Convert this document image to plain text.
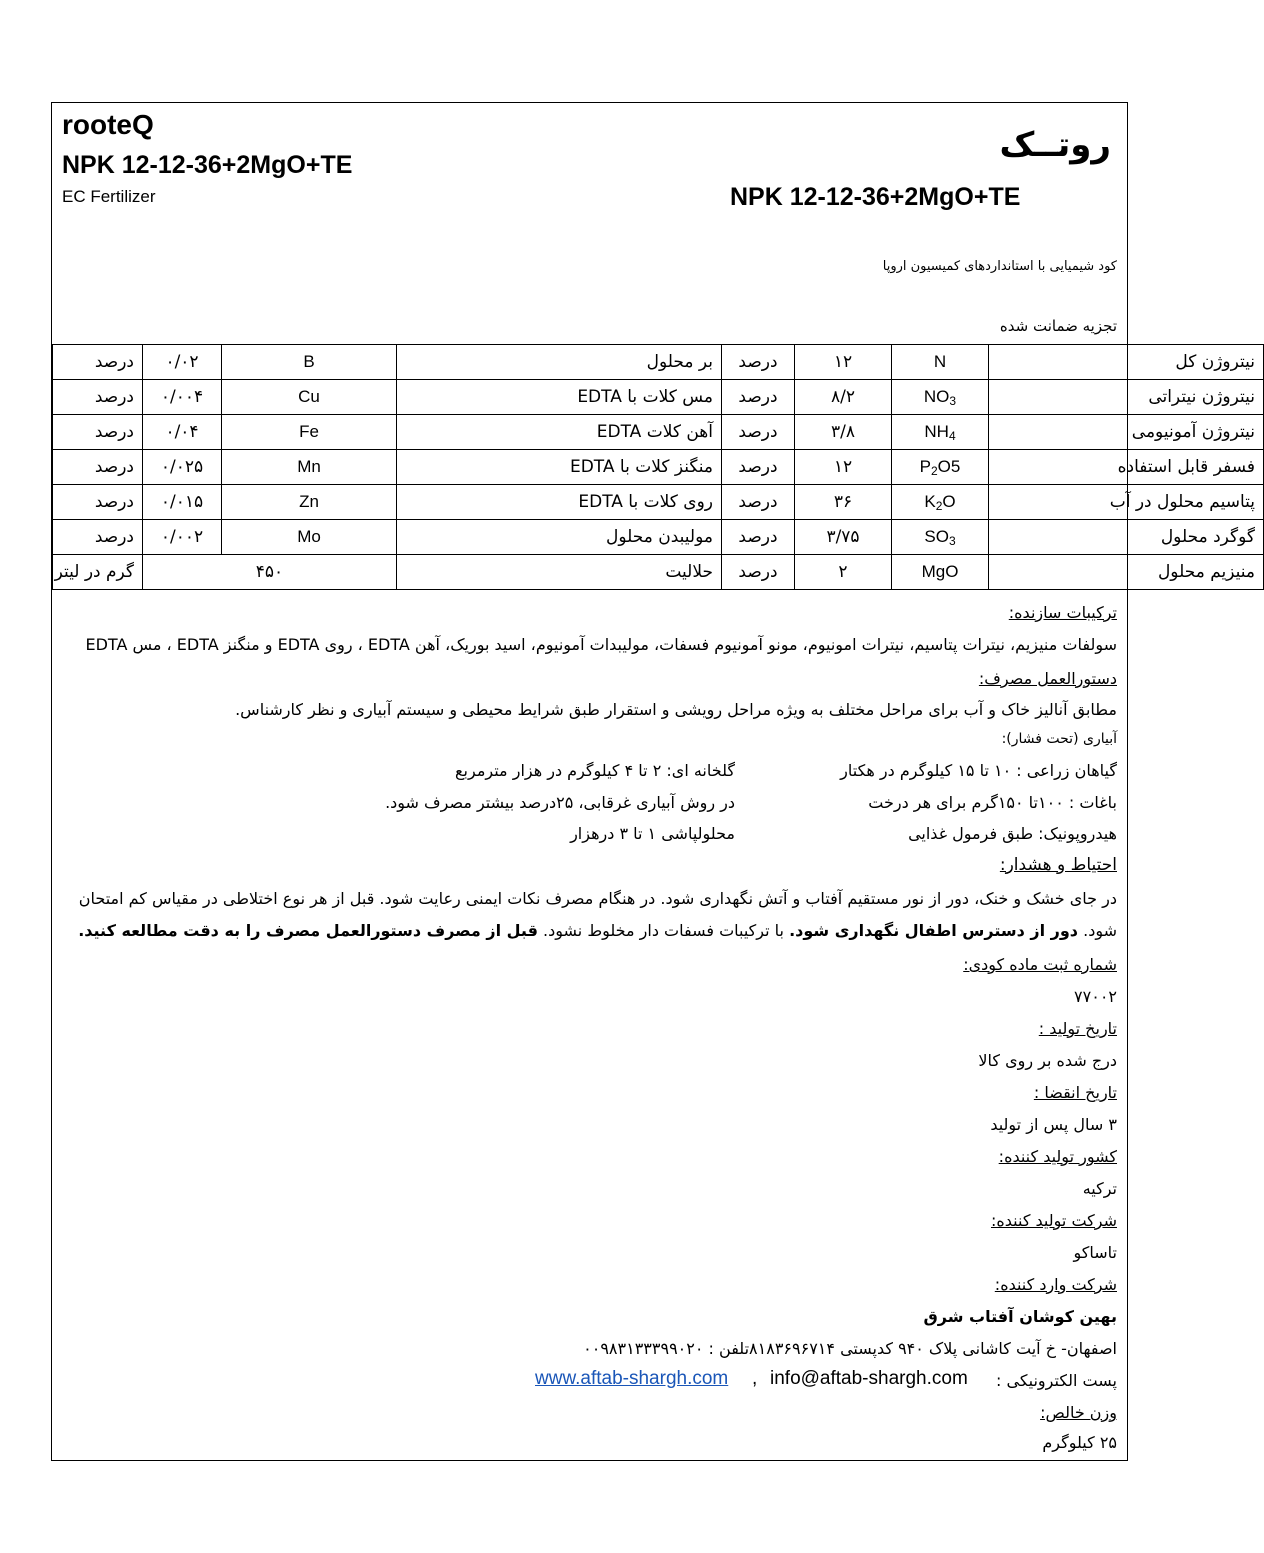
rooteQ
NPK 12-12-36+2MgO+TE
EC Fertilizer
روتــک
NPK 12-12-36+2MgO+TE
کود شیمیایی با استاندارد‌های کمیسیون اروپا
تجزیه ضمانت شده
نیتروژن کل	N	۱۲	درصد	بر محلول	B	۰/۰۲	درصد
نیتروژن نیتراتی	$NO_3$	۸/۲	درصد	مس کلات با EDTA	Cu	۰/۰۰۴	درصد
نیتروژن آمونیومی	$NH_4$	۳/۸	درصد	آهن کلات EDTA	Fe	۰/۰۴	درصد
فسفر قابل استفاده	$P_2O5$	۱۲	درصد	منگنز کلات با EDTA	Mn	۰/۰۲۵	درصد
پتاسیم محلول در آب	$K_2O$	۳۶	درصد	روی کلات با EDTA	Zn	۰/۰۱۵	درصد
گوگرد محلول	$SO_3$	۳/۷۵	درصد	مولیبدن محلول	Mo	۰/۰۰۲	درصد
منیزیم محلول	MgO	۲	درصد	حلالیت	۴۵۰		گرم در لیتر
ترکیبات سازنده:
سولفات منیزیم، نیترات پتاسیم، نیترات امونیوم، مونو آمونیوم فسفات، مولیبدات آمونیوم، اسید بوریک، آهن EDTA ، روی EDTA و منگنز EDTA ، مس EDTA
دستورالعمل مصرف:
مطابق آنالیز خاک و آب برای مراحل مختلف به ویژه مراحل رویشی و استقرار طبق شرایط محیطی و سیستم آبیاری و نظر کارشناس.
آبیاری (تحت فشار):
گیاهان زراعی : ۱۰ تا ۱۵ کیلوگرم در هکتار
باغات : ۱۰۰تا ۱۵۰گرم برای هر درخت
هیدروپونیک: طبق فرمول غذایی
گلخانه ای: ۲ تا ۴ کیلوگرم در هزار مترمربع
در روش آبیاری غرقابی، ۲۵درصد بیشتر مصرف شود.
محلولپاشی ۱ تا ۳ درهزار
احتیاط و هشدار:
در جای خشک و خنک، دور از نور مستقیم آفتاب و آتش نگهداری شود. در هنگام مصرف نکات ایمنی رعایت شود. قبل از هر نوع اختلاطی در مقیاس کم امتحان
شود. دور از دسترس اطفال نگهداری شود. با ترکیبات فسفات دار مخلوط نشود. قبل از مصرف دستورالعمل مصرف را به دقت مطالعه کنید.
شماره ثبت ماده کودی:
۷۷۰۰۲
تاریخ تولید :
درج شده بر روی کالا
تاریخ انقضا :
۳ سال پس از تولید
کشور تولید کننده:
ترکیه
شرکت تولید کننده:
تاساکو
شرکت وارد کننده:
بهین کوشان آفتاب شرق
اصفهان- خ آیت کاشانی پلاک ۹۴۰ کدپستی ۸۱۸۳۶۹۶۷۱۴تلفن : ۰۰۹۸۳۱۳۳۳۹۹۰۲۰
پست الکترونیکی :
info@aftab-shargh.com
,
www.aftab-shargh.com
وزن خالص:
۲۵ کیلوگرم
